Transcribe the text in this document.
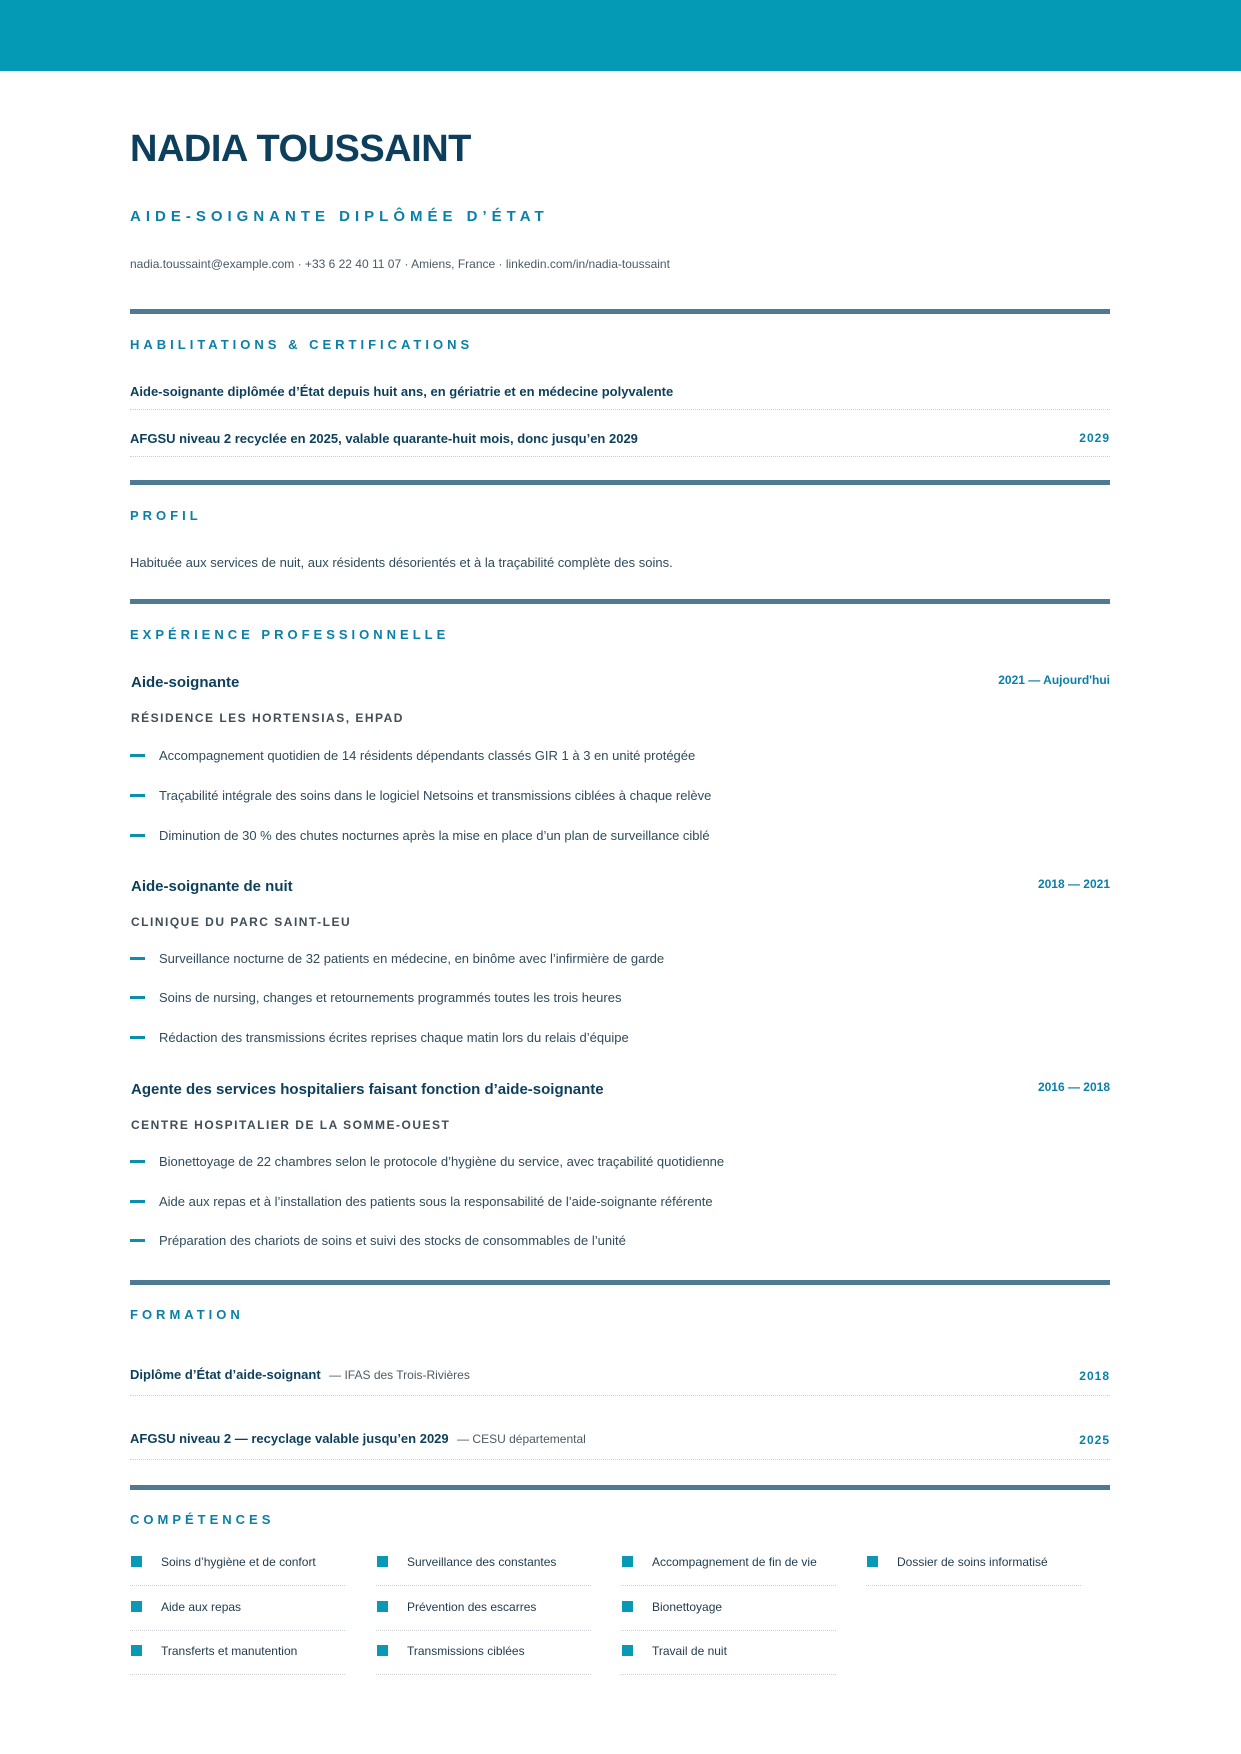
NADIA TOUSSAINT
AIDE-SOIGNANTE DIPLÔMÉE D’ÉTAT
nadia.toussaint@example.com · +33 6 22 40 11 07 · Amiens, France · linkedin.com/in/nadia-toussaint
HABILITATIONS & CERTIFICATIONS
Aide-soignante diplômée d’État depuis huit ans, en gériatrie et en médecine polyvalente
AFGSU niveau 2 recyclée en 2025, valable quarante-huit mois, donc jusqu’en 2029	2029
PROFIL
Habituée aux services de nuit, aux résidents désorientés et à la traçabilité complète des soins.
EXPÉRIENCE PROFESSIONNELLE
Aide-soignante	2021 — Aujourd'hui
RÉSIDENCE LES HORTENSIAS, EHPAD
Accompagnement quotidien de 14 résidents dépendants classés GIR 1 à 3 en unité protégée
Traçabilité intégrale des soins dans le logiciel Netsoins et transmissions ciblées à chaque relève
Diminution de 30 % des chutes nocturnes après la mise en place d’un plan de surveillance ciblé
Aide-soignante de nuit	2018 — 2021
CLINIQUE DU PARC SAINT-LEU
Surveillance nocturne de 32 patients en médecine, en binôme avec l’infirmière de garde
Soins de nursing, changes et retournements programmés toutes les trois heures
Rédaction des transmissions écrites reprises chaque matin lors du relais d’équipe
Agente des services hospitaliers faisant fonction d’aide-soignante	2016 — 2018
CENTRE HOSPITALIER DE LA SOMME-OUEST
Bionettoyage de 22 chambres selon le protocole d’hygiène du service, avec traçabilité quotidienne
Aide aux repas et à l’installation des patients sous la responsabilité de l’aide-soignante référente
Préparation des chariots de soins et suivi des stocks de consommables de l’unité
FORMATION
Diplôme d’État d’aide-soignant — IFAS des Trois-Rivières	2018
AFGSU niveau 2 — recyclage valable jusqu’en 2029 — CESU départemental	2025
COMPÉTENCES
Soins d’hygiène et de confort	Surveillance des constantes	Accompagnement de fin de vie	Dossier de soins informatisé
Aide aux repas	Prévention des escarres	Bionettoyage
Transferts et manutention	Transmissions ciblées	Travail de nuit
